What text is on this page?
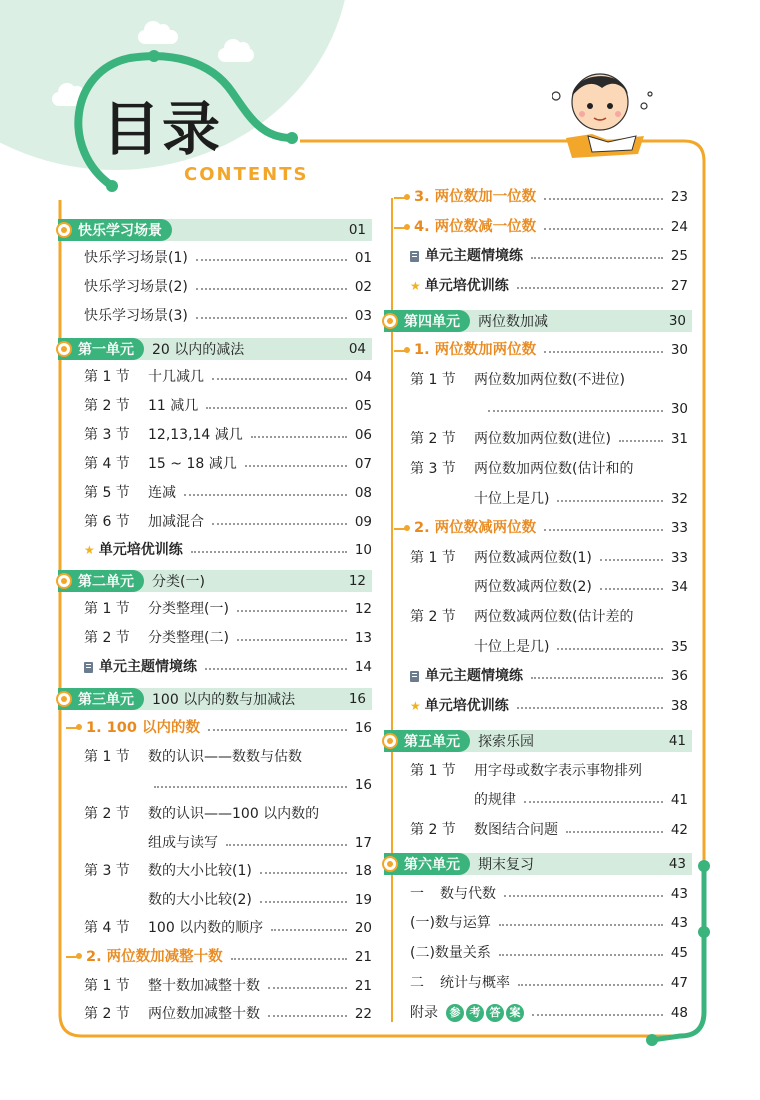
目录
CONTENTS
快乐学习场景	01
快乐学习场景(1)	01
快乐学习场景(2)	02
快乐学习场景(3)	03
第一单元	20 以内的减法	04
第 1 节	十几减几	04
第 2 节	11 减几	05
第 3 节	12,13,14 减几	06
第 4 节	15 ~ 18 减几	07
第 5 节	连减	08
第 6 节	加减混合	09
★ 单元培优训练	10
第二单元	分类(一)	12
第 1 节	分类整理(一)	12
第 2 节	分类整理(二)	13
单元主题情境练	14
第三单元	100 以内的数与加减法	16
1. 100 以内的数	16
第 1 节	数的认识——数数与估数
16
第 2 节	数的认识——100 以内数的
组成与读写	17
第 3 节	数的大小比较(1)	18
数的大小比较(2)	19
第 4 节	100 以内数的顺序	20
2. 两位数加减整十数	21
第 1 节	整十数加减整十数	21
第 2 节	两位数加减整十数	22
3. 两位数加一位数	23
4. 两位数减一位数	24
单元主题情境练	25
★ 单元培优训练	27
第四单元	两位数加减	30
1. 两位数加两位数	30
第 1 节	两位数加两位数(不进位)
30
第 2 节	两位数加两位数(进位)	31
第 3 节	两位数加两位数(估计和的
十位上是几)	32
2. 两位数减两位数	33
第 1 节	两位数减两位数(1)	33
两位数减两位数(2)	34
第 2 节	两位数减两位数(估计差的
十位上是几)	35
单元主题情境练	36
★ 单元培优训练	38
第五单元	探索乐园	41
第 1 节	用字母或数字表示事物排列
的规律	41
第 2 节	数图结合问题	42
第六单元	期末复习	43
一	数与代数	43
(一)数与运算	43
(二)数量关系	45
二	统计与概率	47
附录	参 考 答 案	48
